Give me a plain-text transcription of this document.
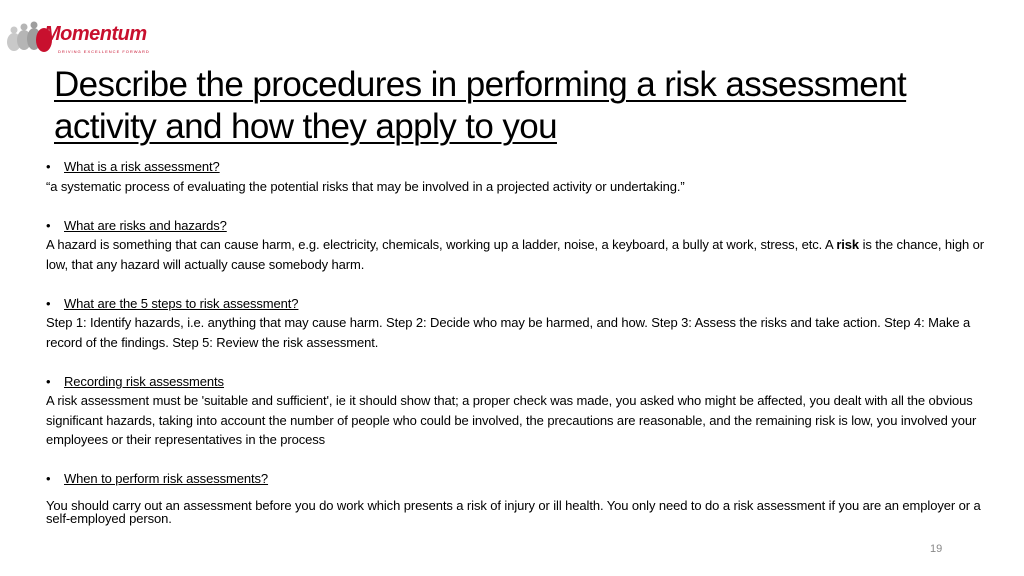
Momentum
DRIVING EXCELLENCE FORWARD
Describe the procedures in performing a risk assessment activity and how they apply to you
• What is a risk assessment?

“a systematic process of evaluating the potential risks that may be involved in a projected activity or undertaking.”

• What are risks and hazards?

A hazard is something that can cause harm, e.g. electricity, chemicals, working up a ladder, noise, a keyboard, a bully at work, stress, etc. A risk is the chance, high or low, that any hazard will actually cause somebody harm.

• What are the 5 steps to risk assessment?

Step 1: Identify hazards, i.e. anything that may cause harm. Step 2: Decide who may be harmed, and how. Step 3: Assess the risks and take action. Step 4: Make a record of the findings. Step 5: Review the risk assessment.

• Recording risk assessments

A risk assessment must be 'suitable and sufficient', ie it should show that; a proper check was made, you asked who might be affected, you dealt with all the obvious significant hazards, taking into account the number of people who could be involved, the precautions are reasonable, and the remaining risk is low, you involved your employees or their representatives in the process

• When to perform risk assessments?

You should carry out an assessment before you do work which presents a risk of injury or ill health. You only need to do a risk assessment if you are an employer or a self-employed person.

19
